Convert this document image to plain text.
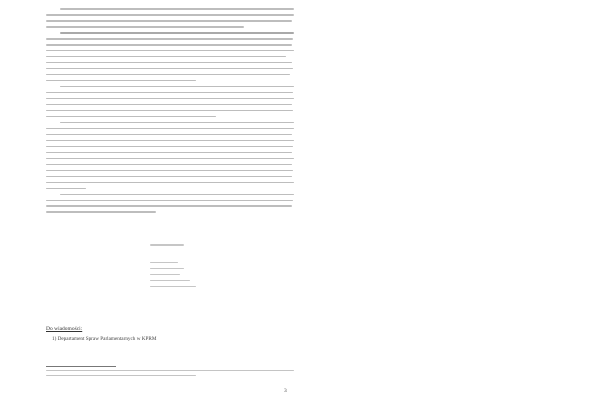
Do wiadomości:
1) Departament Spraw Parlamentarnych w KPRM
3
